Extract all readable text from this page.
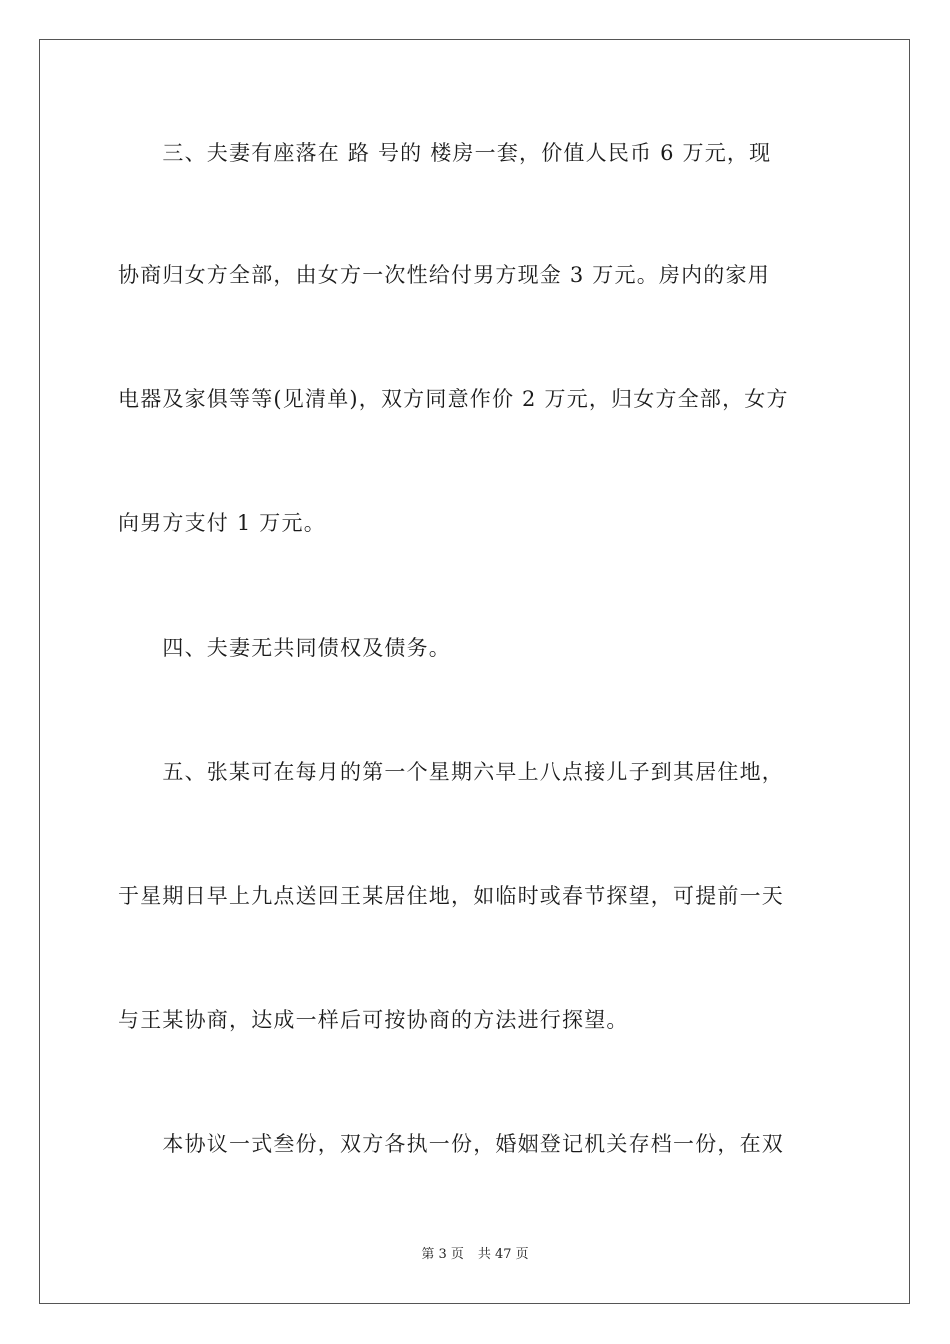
　　三、夫妻有座落在 路 号的 楼房一套，价值人民币 6 万元，现
协商归女方全部，由女方一次性给付男方现金 3 万元。房内的家用
电器及家俱等等(见清单)，双方同意作价 2 万元，归女方全部，女方
向男方支付 1 万元。
　　四、夫妻无共同债权及债务。
　　五、张某可在每月的第一个星期六早上八点接儿子到其居住地，
于星期日早上九点送回王某居住地，如临时或春节探望，可提前一天
与王某协商，达成一样后可按协商的方法进行探望。
　　本协议一式叁份，双方各执一份，婚姻登记机关存档一份，在双
第 3 页 共 47 页
